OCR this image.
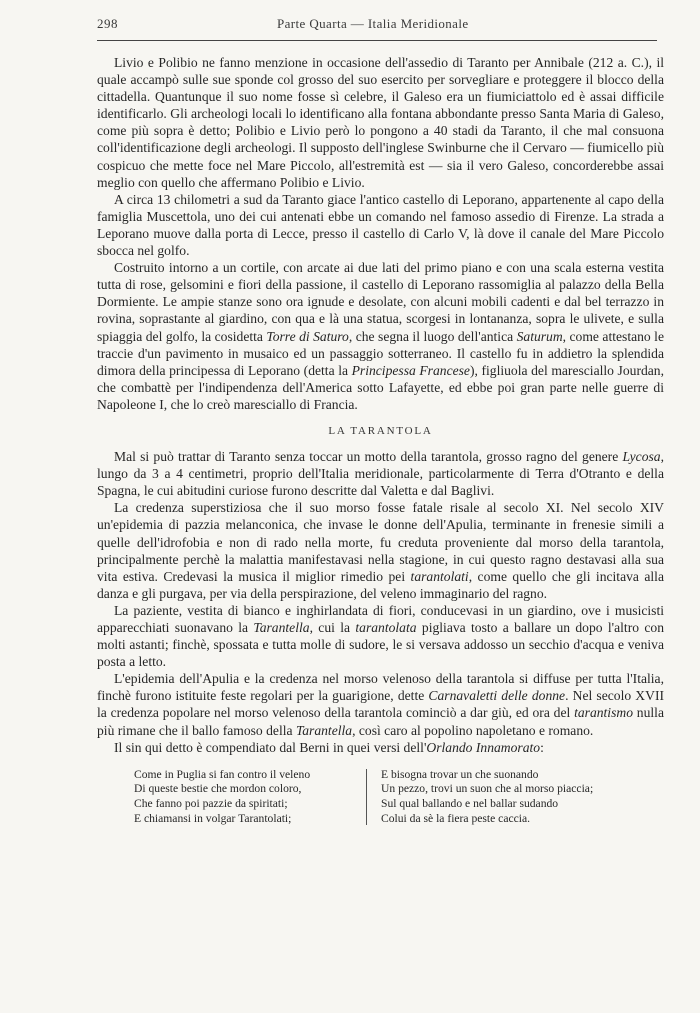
298	Parte Quarta — Italia Meridionale

Livio e Polibio ne fanno menzione in occasione dell'assedio di Taranto per Annibale (212 a. C.), il quale accampò sulle sue sponde col grosso del suo esercito per sorvegliare e proteggere il blocco della cittadella. Quantunque il suo nome fosse sì celebre, il Galeso era un fiumiciattolo ed è assai difficile identificarlo. Gli archeologi locali lo identificano alla fontana abbondante presso Santa Maria di Galeso, come più sopra è detto; Polibio e Livio però lo pongono a 40 stadi da Taranto, il che mal consuona coll'identificazione degli archeologi. Il supposto dell'inglese Swinburne che il Cervaro — fiumicello più cospicuo che mette foce nel Mare Piccolo, all'estremità est — sia il vero Galeso, concorderebbe assai meglio con quello che affermano Polibio e Livio.

A circa 13 chilometri a sud da Taranto giace l'antico castello di Leporano, appartenente al capo della famiglia Muscettola, uno dei cui antenati ebbe un comando nel famoso assedio di Firenze. La strada a Leporano muove dalla porta di Lecce, presso il castello di Carlo V, là dove il canale del Mare Piccolo sbocca nel golfo.

Costruito intorno a un cortile, con arcate ai due lati del primo piano e con una scala esterna vestita tutta di rose, gelsomini e fiori della passione, il castello di Leporano rassomiglia al palazzo della Bella Dormiente. Le ampie stanze sono ora ignude e desolate, con alcuni mobili cadenti e dal bel terrazzo in rovina, soprastante al giardino, con qua e là una statua, scorgesi in lontananza, sopra le ulivete, e sulla spiaggia del golfo, la cosidetta Torre di Saturo, che segna il luogo dell'antica Saturum, come attestano le traccie d'un pavimento in musaico ed un passaggio sotterraneo. Il castello fu in addietro la splendida dimora della principessa di Leporano (detta la Principessa Francese), figliuola del maresciallo Jourdan, che combattè per l'indipendenza dell'America sotto Lafayette, ed ebbe poi gran parte nelle guerre di Napoleone I, che lo creò maresciallo di Francia.

LA TARANTOLA

Mal si può trattar di Taranto senza toccar un motto della tarantola, grosso ragno del genere Lycosa, lungo da 3 a 4 centimetri, proprio dell'Italia meridionale, particolarmente di Terra d'Otranto e della Spagna, le cui abitudini curiose furono descritte dal Valetta e dal Baglivi.

La credenza superstiziosa che il suo morso fosse fatale risale al secolo XI. Nel secolo XIV un'epidemia di pazzia melanconica, che invase le donne dell'Apulia, terminante in frenesie simili a quelle dell'idrofobia e non di rado nella morte, fu creduta proveniente dal morso della tarantola, principalmente perchè la malattia manifestavasi nella stagione, in cui questo ragno destavasi alla sua vita estiva. Credevasi la musica il miglior rimedio pei tarantolati, come quello che gli incitava alla danza e gli purgava, per via della perspirazione, del veleno immaginario del ragno.

La paziente, vestita di bianco e inghirlandata di fiori, conducevasi in un giardino, ove i musicisti apparecchiati suonavano la Tarantella, cui la tarantolata pigliava tosto a ballare un dopo l'altro con molti astanti; finchè, spossata e tutta molle di sudore, le si versava addosso un secchio d'acqua e veniva posta a letto.

L'epidemia dell'Apulia e la credenza nel morso velenoso della tarantola si diffuse per tutta l'Italia, finchè furono istituite feste regolari per la guarigione, dette Carnavaletti delle donne. Nel secolo XVII la credenza popolare nel morso velenoso della tarantola cominciò a dar giù, ed ora del tarantismo nulla più rimane che il ballo famoso della Tarantella, così caro al popolino napoletano e romano.

Il sin qui detto è compendiato dal Berni in quei versi dell'Orlando Innamorato:

Come in Puglia si fan contro il veleno
Di queste bestie che mordon coloro,
Che fanno poi pazzie da spiritati;
E chiamansi in volgar Tarantolati;
E bisogna trovar un che suonando
Un pezzo, trovi un suon che al morso piaccia;
Sul qual ballando e nel ballar sudando
Colui da sè la fiera peste caccia.
